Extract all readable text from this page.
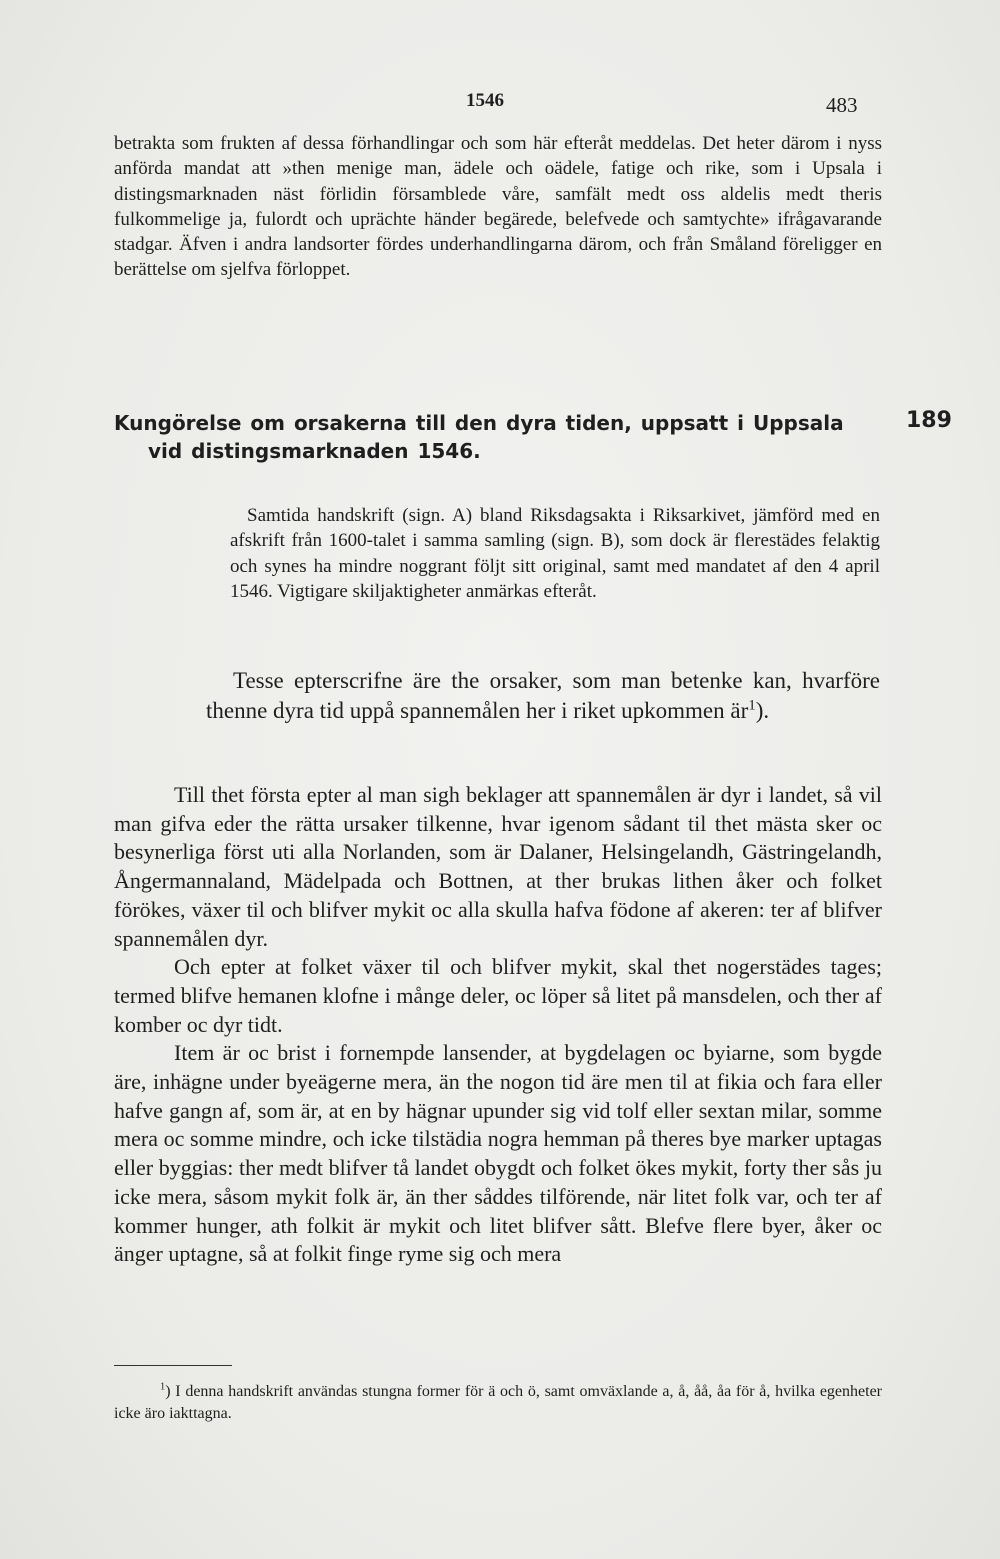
1546	483
betrakta som frukten af dessa förhandlingar och som här efteråt meddelas. Det heter därom i nyss anförda mandat att »then menige man, ädele och oädele, fatige och rike, som i Upsala i distingsmarknaden näst förlidin församblede våre, samfält medt oss aldelis medt theris fulkommelige ja, fulordt och uprächte händer begärede, belefvede och samtychte» ifrågavarande stadgar. Äfven i andra landsorter fördes underhandlingarna därom, och från Småland föreligger en berättelse om sjelfva förloppet.
Kungörelse om orsakerna till den dyra tiden, uppsatt i Uppsala vid distingsmarknaden 1546.
189
Samtida handskrift (sign. A) bland Riksdagsakta i Riksarkivet, jämförd med en afskrift från 1600-talet i samma samling (sign. B), som dock är flerestädes felaktig och synes ha mindre noggrant följt sitt original, samt med mandatet af den 4 april 1546. Vigtigare skiljaktigheter anmärkas efteråt.
Tesse epterscrifne äre the orsaker, som man betenke kan, hvarföre thenne dyra tid uppå spannemålen her i riket upkommen $är^1$).

Till thet första epter al man sigh beklager att spannemålen är dyr i landet, så vil man gifva eder the rätta ursaker tilkenne, hvar igenom sådant til thet mästa sker oc besynerliga först uti alla Norlanden, som är Dalaner, Helsingelandh, Gästringelandh, Ångermannaland, Mädelpada och Bottnen, at ther brukas lithen åker och folket förökes, växer til och blifver mykit oc alla skulla hafva födone af akeren: ter af blifver spannemålen dyr.

Och epter at folket växer til och blifver mykit, skal thet nogerstädes tages; termed blifve hemanen klofne i månge deler, oc löper så litet på mansdelen, och ther af komber oc dyr tidt.

Item är oc brist i fornempde lansender, at bygdelagen oc byiarne, som bygde äre, inhägne under byeägerne mera, än the nogon tid äre men til at fikia och fara eller hafve gangn af, som är, at en by hägnar upunder sig vid tolf eller sextan milar, somme mera oc somme mindre, och icke tilstädia nogra hemman på theres bye marker uptagas eller byggias: ther medt blifver tå landet obygdt och folket ökes mykit, forty ther sås ju icke mera, såsom mykit folk är, än ther såddes tilförende, när litet folk var, och ter af kommer hunger, ath folkit är mykit och litet blifver sått. Blefve flere byer, åker oc änger uptagne, så at folkit finge ryme sig och mera

$^1$) I denna handskrift användas stungna former för ä och ö, samt omväxlande a, å, åå, åa för å, hvilka egenheter icke äro iakttagna.
